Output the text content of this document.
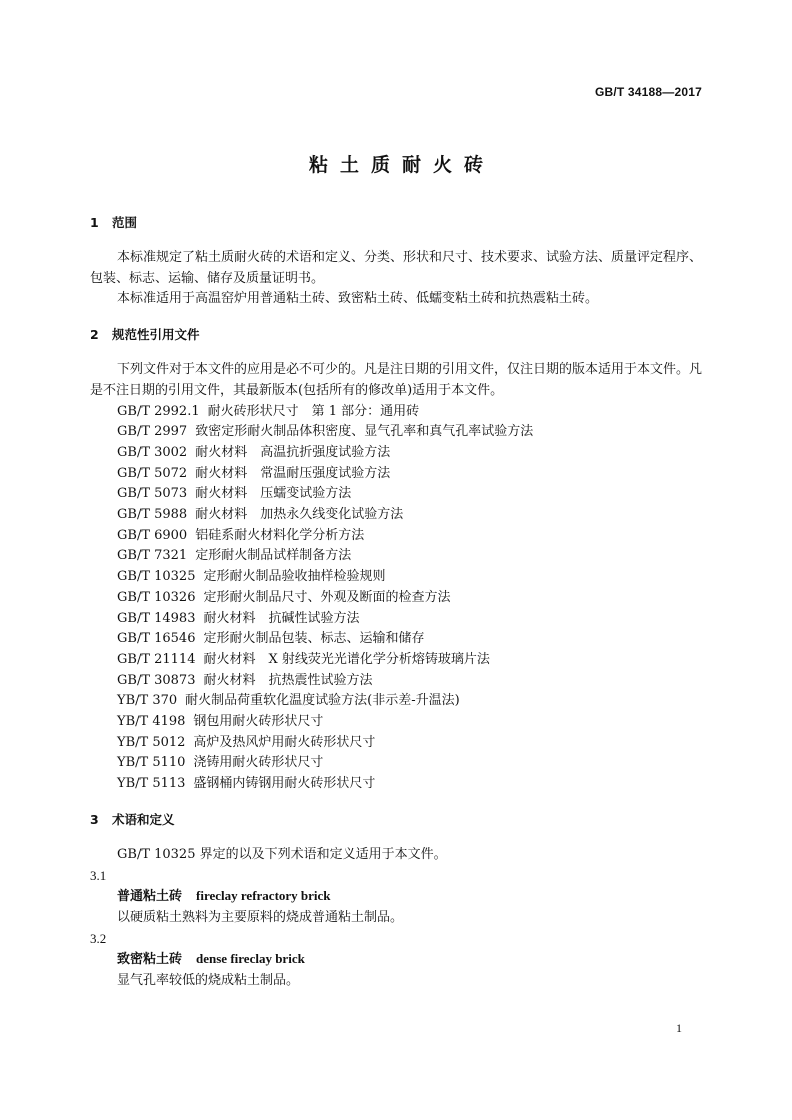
GB/T 34188—2017
粘土质耐火砖
1 范围
本标准规定了粘土质耐火砖的术语和定义、分类、形状和尺寸、技术要求、试验方法、质量评定程序、包装、标志、运输、储存及质量证明书。
本标准适用于高温窑炉用普通粘土砖、致密粘土砖、低蠕变粘土砖和抗热震粘土砖。
2 规范性引用文件
下列文件对于本文件的应用是必不可少的。凡是注日期的引用文件，仅注日期的版本适用于本文件。凡是不注日期的引用文件，其最新版本(包括所有的修改单)适用于本文件。
GB/T 2992.1 耐火砖形状尺寸　第 1 部分：通用砖
GB/T 2997 致密定形耐火制品体积密度、显气孔率和真气孔率试验方法
GB/T 3002 耐火材料　高温抗折强度试验方法
GB/T 5072 耐火材料　常温耐压强度试验方法
GB/T 5073 耐火材料　压蠕变试验方法
GB/T 5988 耐火材料　加热永久线变化试验方法
GB/T 6900 铝硅系耐火材料化学分析方法
GB/T 7321 定形耐火制品试样制备方法
GB/T 10325 定形耐火制品验收抽样检验规则
GB/T 10326 定形耐火制品尺寸、外观及断面的检查方法
GB/T 14983 耐火材料　抗碱性试验方法
GB/T 16546 定形耐火制品包装、标志、运输和储存
GB/T 21114 耐火材料　X 射线荧光光谱化学分析熔铸玻璃片法
GB/T 30873 耐火材料　抗热震性试验方法
YB/T 370 耐火制品荷重软化温度试验方法(非示差-升温法)
YB/T 4198 钢包用耐火砖形状尺寸
YB/T 5012 高炉及热风炉用耐火砖形状尺寸
YB/T 5110 浇铸用耐火砖形状尺寸
YB/T 5113 盛钢桶内铸钢用耐火砖形状尺寸
3 术语和定义
GB/T 10325 界定的以及下列术语和定义适用于本文件。
3.1
普通粘土砖 fireclay refractory brick
以硬质粘土熟料为主要原料的烧成普通粘土制品。
3.2
致密粘土砖 dense fireclay brick
显气孔率较低的烧成粘土制品。
1
